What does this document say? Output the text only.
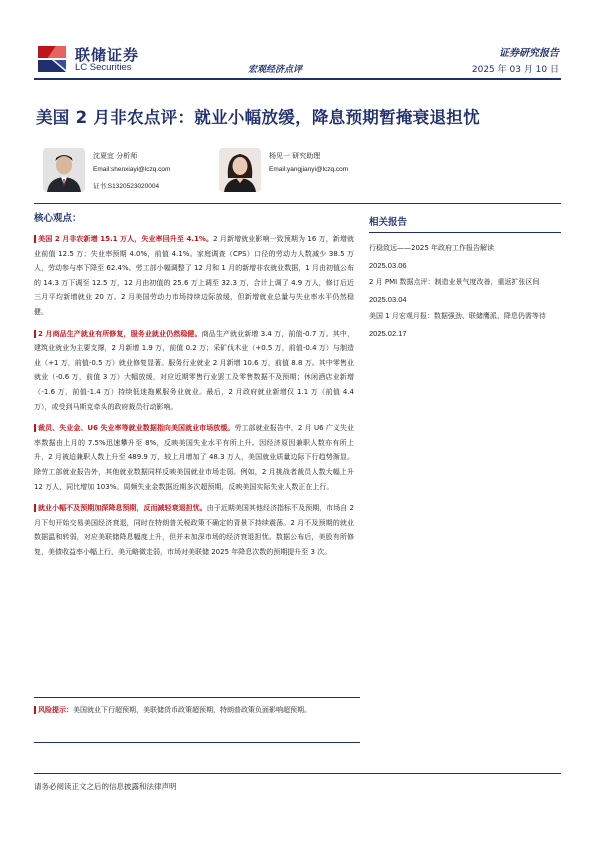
联储证券
LC Securities	宏观经济点评
证券研究报告
2025 年 03 月 10 日
美国 2 月非农点评：就业小幅放缓，降息预期暂掩衰退担忧
沈夏宜 分析师
Email:shenxiayi@lczq.com
证书:S1320523020004
杨见一 研究助理
Email:yangjianyi@lczq.com
核心观点：

美国 2 月非农新增 15.1 万人，失业率回升至 4.1%。2 月新增就业影响一致预期为 16 万，新增就业前值 12.5 万；失业率预期 4.0%，前值 4.1%。家庭调查（CPS）口径的劳动力人数减少 38.5 万人，劳动参与率下降至 62.4%。劳工部小幅调整了 12 月和 1 月的新增非农就业数据，1 月由初值公布的 14.3 万下调至 12.5 万，12 月由初值的 25.6 万上调至 32.3 万，合计上调了 4.9 万人，修订后近三月平均新增就业 20 万。2 月美国劳动力市场持续边际放缓，但新增就业总量与失业率水平仍然稳健。

2 月商品生产就业有所修复，服务业就业仍然稳健。商品生产就业新增 3.4 万，前值-0.7 万。其中，建筑业就业为主要支撑，2 月新增 1.9 万，前值 0.2 万；采矿伐木业（+0.5 万，前值-0.4 万）与制造业（+1 万，前值-0.5 万）就业修复显著。服务行业就业 2 月新增 10.6 万，前值 8.8 万。其中零售业就业（-0.6 万，前值 3 万）大幅放缓，对应近期零售行业罢工及零售数据不及预期；休闲酒店业新增（-1.6 万，前值-1.4 万）持续低迷拖累服务业就业。最后，2 月政府就业新增仅 1.1 万（前值 4.4 万），或受到马斯克牵头的政府裁员行动影响。

裁员、失业金、U6 失业率等就业数据指向美国就业市场放缓。劳工部就业报告中，2 月 U6 广义失业率数据由上月的 7.5%迅速攀升至 8%，反映美国失业水平有所上升。因经济原因兼职人数亦有所上升，2 月被迫兼职人数上升至 489.9 万，较上月增加了 48.3 万人，美国就业质量边际下行趋势渐显。除劳工部就业报告外，其他就业数据同样反映美国就业市场走弱。例如，2 月挑战者裁员人数大幅上升 12 万人，同比增加 103%。周频失业金数据近期多次超预期，反映美国实际失业人数正在上行。

就业小幅不及预期加深降息预期，反而减轻衰退担忧。由于近期美国其他经济指标不及预期，市场自 2 月下旬开始交易美国经济衰退，同时在特朗普关税政策不确定的背景下持续震荡。2 月不及预期的就业数据温和转弱，对应美联储降息幅度上升，但并未加深市场的经济衰退担忧。数据公布后，美股有所修复，美债收益率小幅上行，美元略微走弱，市场对美联储 2025 年降息次数的预期提升至 3 次。

风险提示：美国就业下行超预期，美联储货币政策超预期，特朗普政策负面影响超预期。
相关报告
行稳致远——2025 年政府工作报告解读
2025.03.06
2 月 PMI 数据点评：制造业景气度改善，重返扩张区间
2025.03.04
美国 1 月宏观月报：数据强劲、联储鹰派、降息仍需等待
2025.02.17
请务必阅读正文之后的信息披露和法律声明
